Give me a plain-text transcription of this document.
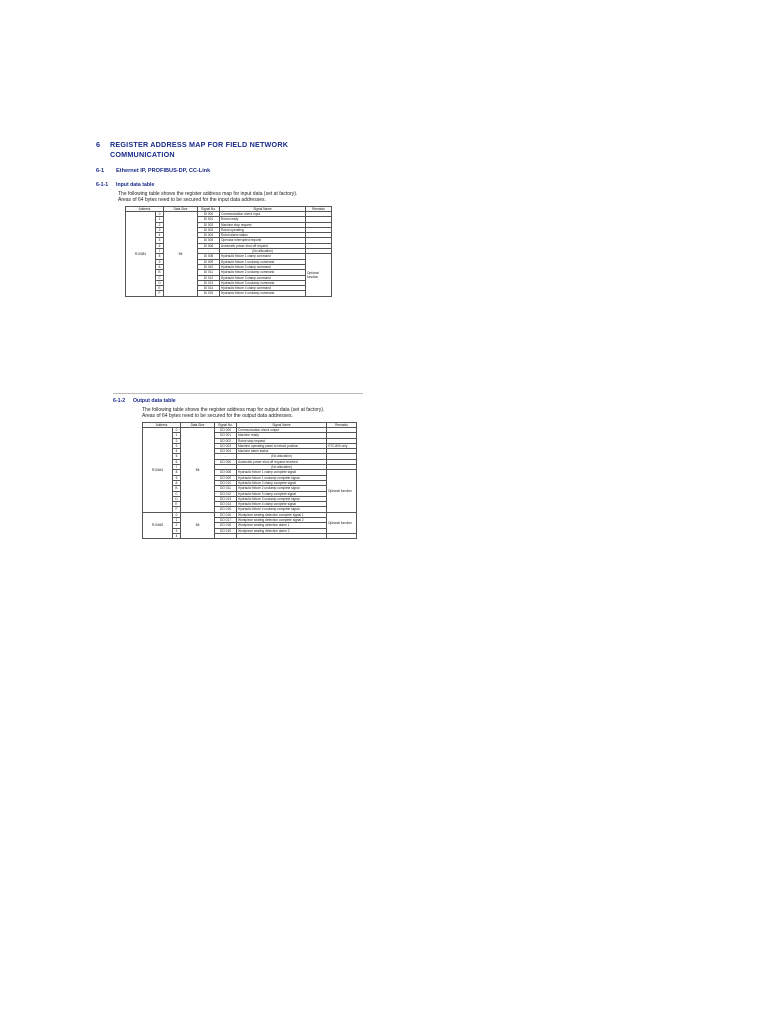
6 REGISTER ADDRESS MAP FOR FIELD NETWORK
COMMUNICATION
6-1 Ethernet IP, PROFIBUS-DP, CC-Link
6-1-1 Input data table

The following table shows the register address map for input data (set at factory).

Areas of 64 bytes need to be secured for the input data addresses.

Address		Data Size	Signal No.	Signal Name	Remarks
R10384	0	Bit	DI 000	Communication check input	
	1		DI 001	Robot ready	
	2		DI 002	Machine stop request	
	3		DI 003	Robot operating	
	4		DI 004	Robot alarm status	
	5		DI 005	Operator interrupted request	
	6		DI 006	Automatic power shut-off request	
	7		-	(No allocation)	
	8		DI 008	Hydraulic fixture 1 clamp command	Optional function
	9		DI 009	Hydraulic fixture 1 unclamp command	
	A		DI 010	Hydraulic fixture 2 clamp command	
	B		DI 011	Hydraulic fixture 2 unclamp command	
	C		DI 012	Hydraulic fixture 3 clamp command	
	D		DI 013	Hydraulic fixture 3 unclamp command	
	E		DI 014	Hydraulic fixture 4 clamp command	
	F		DI 015	Hydraulic fixture 4 unclamp command	
6-1-2 Output data table

The following table shows the register address map for output data (set at factory).

Areas of 64 bytes need to be secured for the output data addresses.

Address		Data Size	Signal No.	Signal Name	Remarks
R10464	0	Bit	DO 000	Communication check output	
	1		DO 001	Machine ready	
	2		DO 002	Robot stop request	
	3		DO 003	Machine operating panel at retract position	VTC-800 only
	4		DO 004	Machine alarm status	
	5		-	(No allocation)	
	6		DO 006	Automatic power shut-off request received	
	7		-	(No allocation)	
	8		DO 008	Hydraulic fixture 1 clamp complete signal	Optional function
	9		DO 009	Hydraulic fixture 1 unclamp complete signal	
	A		DO 010	Hydraulic fixture 2 clamp complete signal	
	B		DO 011	Hydraulic fixture 2 unclamp complete signal	
	C		DO 012	Hydraulic fixture 3 clamp complete signal	
	D		DO 013	Hydraulic fixture 3 unclamp complete signal	
	E		DO 014	Hydraulic fixture 4 clamp complete signal	
	F		DO 015	Hydraulic fixture 4 unclamp complete signal	
R10465	0	Bit	DO 016	Workpiece seating detection complete signal 1	Optional function
	1		DO 017	Workpiece seating detection complete signal 2	
	2		DO 018	Workpiece seating detection alarm 1	
	3		DO 019	Workpiece seating detection alarm 2	
	4				
